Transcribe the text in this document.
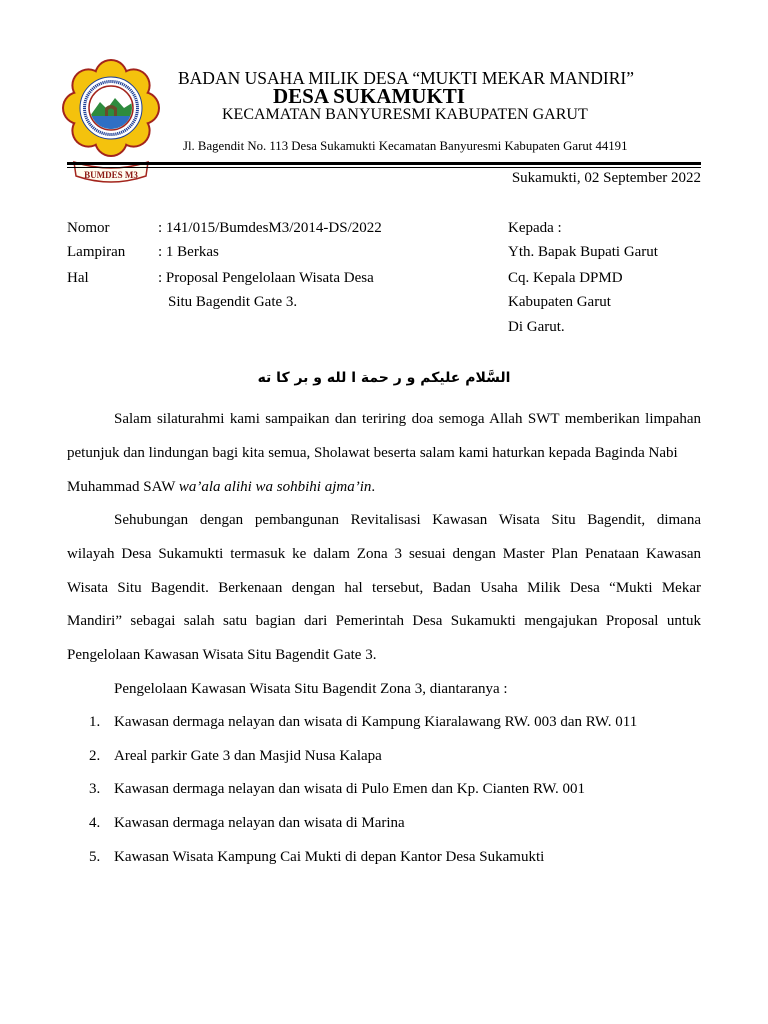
BUMDES M3
BADAN USAHA MILIK DESA “MUKTI MEKAR MANDIRI”
DESA SUKAMUKTI
KECAMATAN BANYURESMI KABUPATEN GARUT
Jl. Bagendit No. 113 Desa Sukamukti Kecamatan Banyuresmi Kabupaten Garut 44191
Sukamukti, 02 September 2022
Nomor	: 141/015/BumdesM3/2014-DS/2022
Lampiran : 1 Berkas
Hal	: Proposal Pengelolaan Wisata Desa
Situ Bagendit Gate 3.
Kepada :
Yth. Bapak Bupati Garut
Cq. Kepala DPMD
Kabupaten Garut
Di Garut.
السَّلام عليكم و ر حمة ا لله و بر كا ته
Salam silaturahmi kami sampaikan dan teriring doa semoga Allah SWT memberikan limpahan
petunjuk dan lindungan bagi kita semua, Sholawat beserta salam kami haturkan kepada Baginda Nabi
Muhammad SAW wa’ala alihi wa sohbihi ajma’in.
Sehubungan dengan pembangunan Revitalisasi Kawasan Wisata Situ Bagendit, dimana
wilayah Desa Sukamukti termasuk ke dalam Zona 3 sesuai dengan Master Plan Penataan Kawasan
Wisata Situ Bagendit. Berkenaan dengan hal tersebut, Badan Usaha Milik Desa “Mukti Mekar
Mandiri” sebagai salah satu bagian dari Pemerintah Desa Sukamukti mengajukan Proposal untuk
Pengelolaan Kawasan Wisata Situ Bagendit Gate 3.
Pengelolaan Kawasan Wisata Situ Bagendit Zona 3, diantaranya :
1. Kawasan dermaga nelayan dan wisata di Kampung Kiaralawang RW. 003 dan RW. 011
2. Areal parkir Gate 3 dan Masjid Nusa Kalapa
3. Kawasan dermaga nelayan dan wisata di Pulo Emen dan Kp. Cianten RW. 001
4. Kawasan dermaga nelayan dan wisata di Marina
5. Kawasan Wisata Kampung Cai Mukti di depan Kantor Desa Sukamukti
